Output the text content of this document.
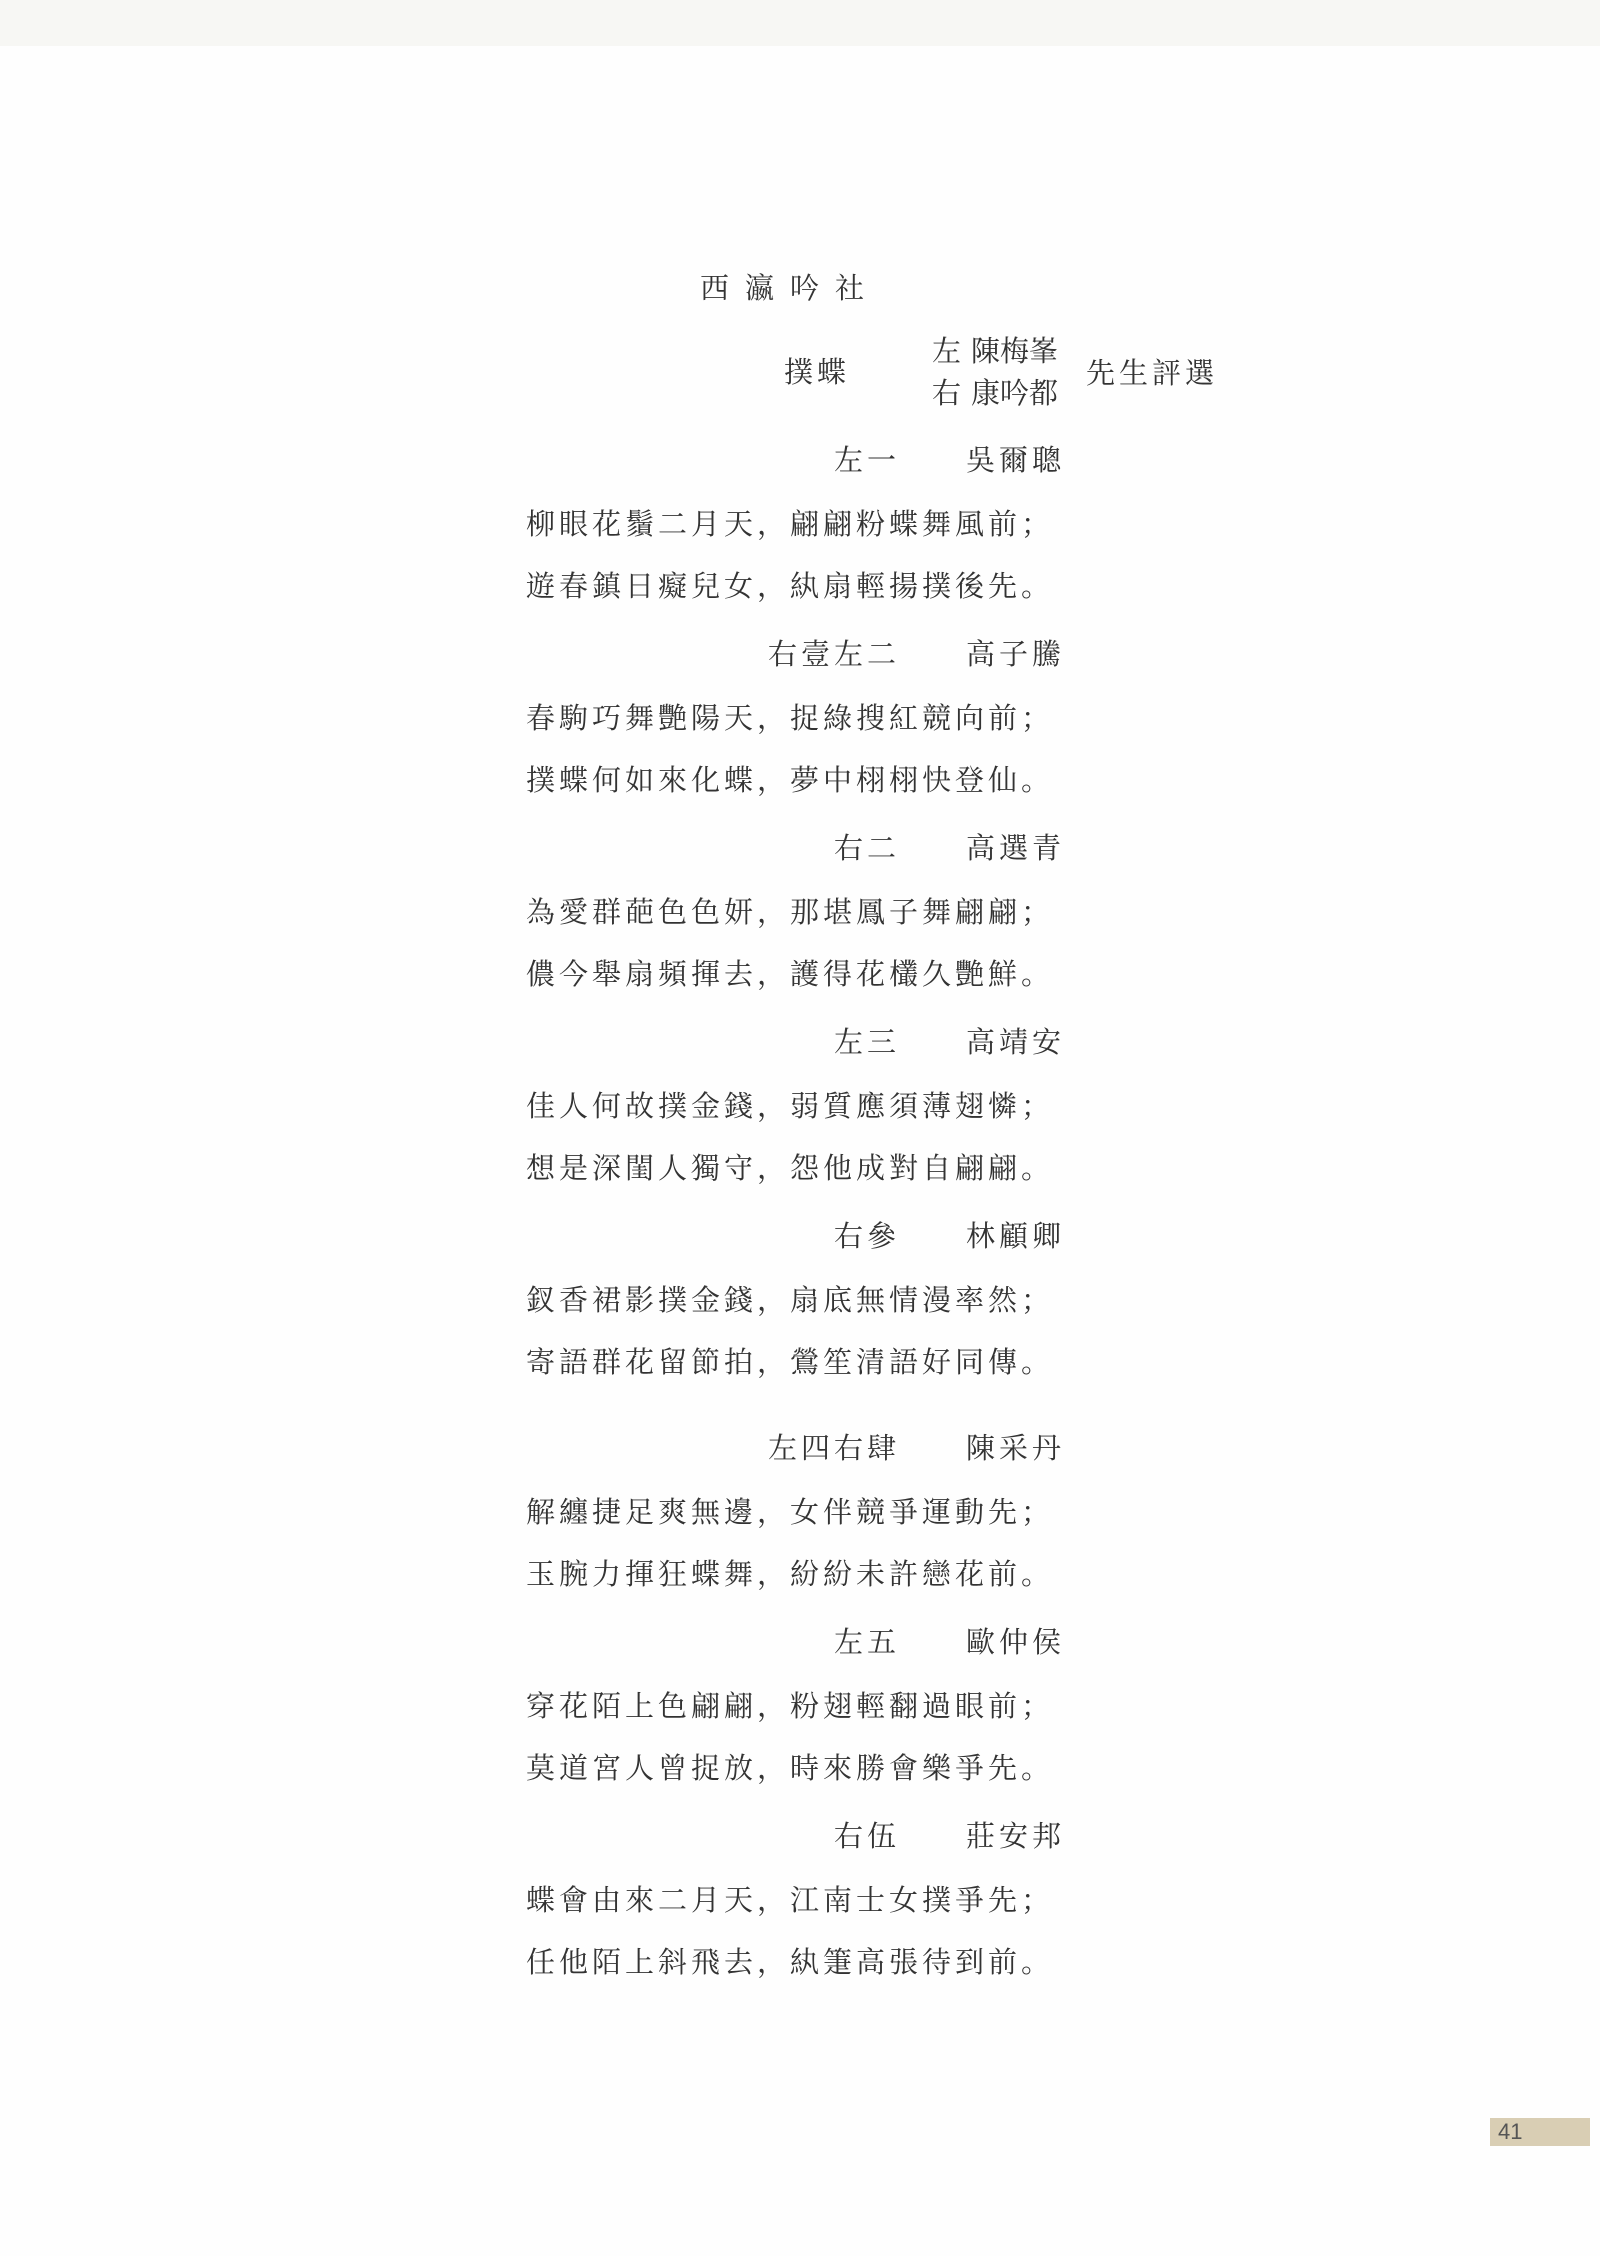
西瀛吟社
撲蝶
左陳梅峯
右康吟都
先生評選
左一 吳爾聰
柳眼花鬚二月天，翩翩粉蝶舞風前；
遊春鎮日癡兒女，紈扇輕揚撲後先。
右壹左二 高子騰
春駒巧舞艷陽天，捉綠搜紅競向前；
撲蝶何如來化蝶，夢中栩栩快登仙。
右二 高選青
為愛群葩色色妍，那堪鳳子舞翩翩；
儂今舉扇頻揮去，護得花欉久艷鮮。
左三 高靖安
佳人何故撲金錢，弱質應須薄翅憐；
想是深閨人獨守，怨他成對自翩翩。
右參 林顧卿
釵香裙影撲金錢，扇底無情漫率然；
寄語群花留節拍，鶯笙清語好同傳。
左四右肆 陳采丹
解纏捷足爽無邊，女伴競爭運動先；
玉腕力揮狂蝶舞，紛紛未許戀花前。
左五 歐仲侯
穿花陌上色翩翩，粉翅輕翻過眼前；
莫道宮人曾捉放，時來勝會樂爭先。
右伍 莊安邦
蝶會由來二月天，江南士女撲爭先；
任他陌上斜飛去，紈箑高張待到前。
41
